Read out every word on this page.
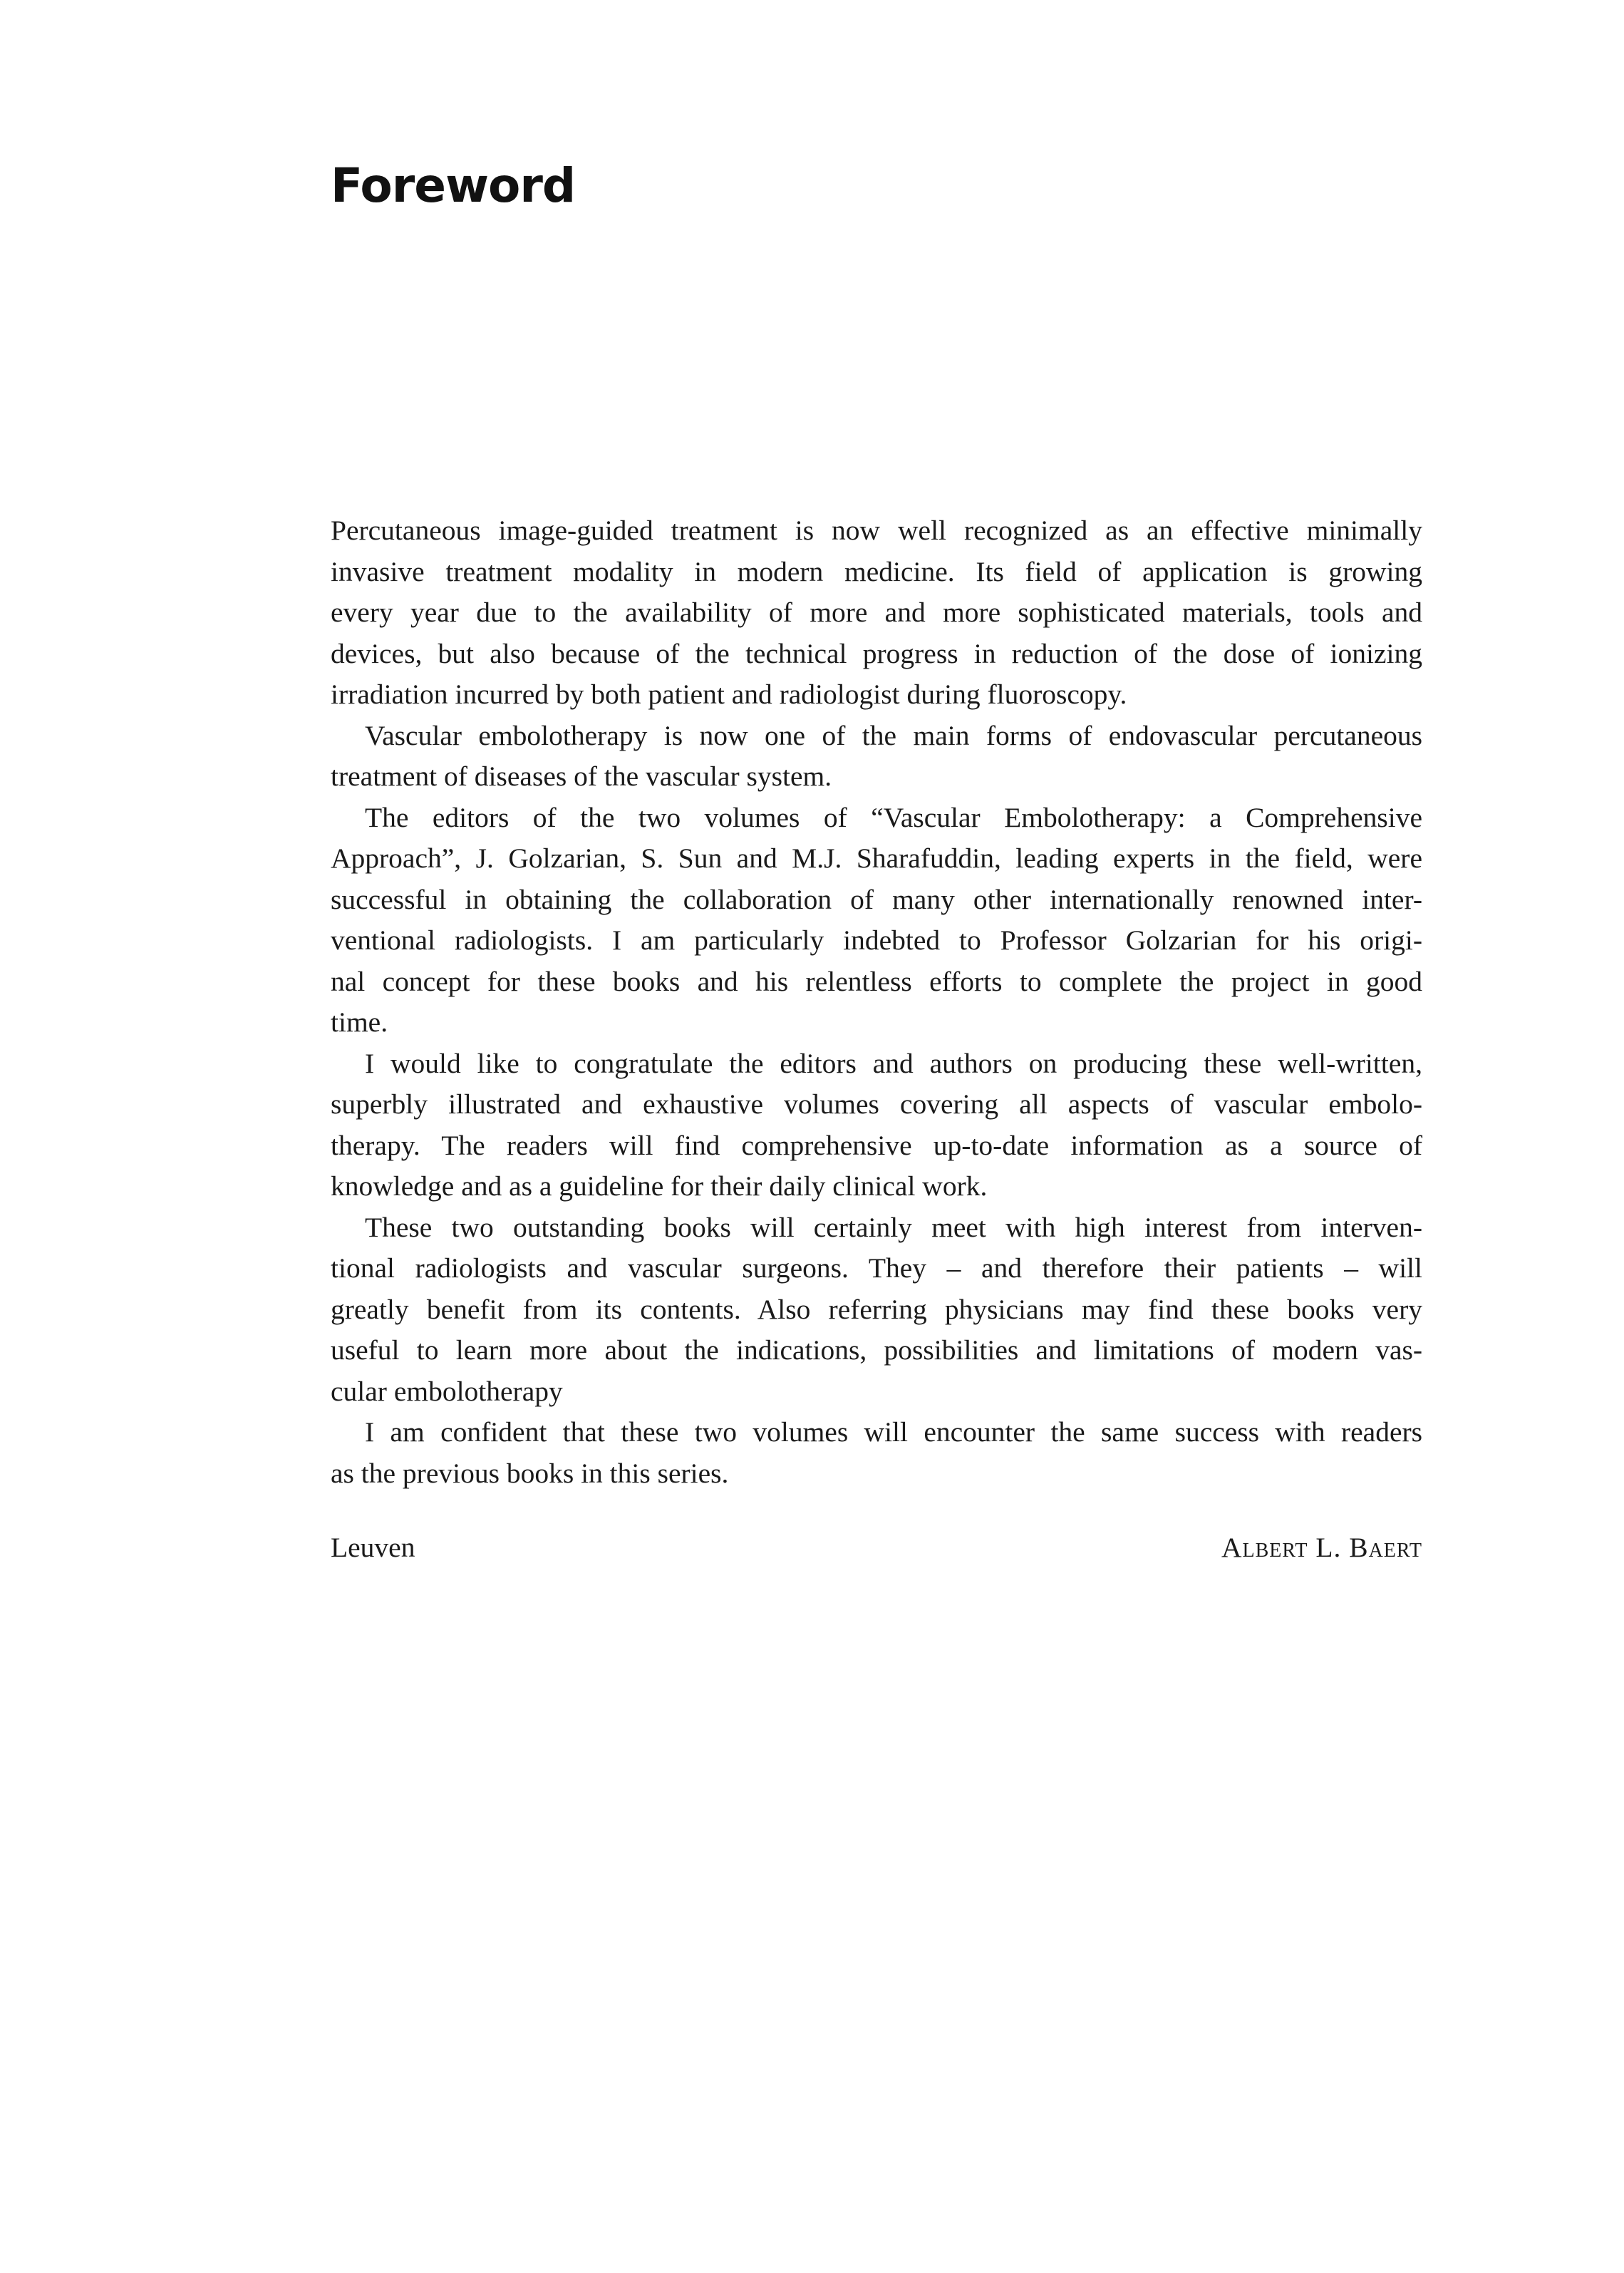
Foreword
Percutaneous image-guided treatment is now well recognized as an effective minimally
invasive treatment modality in modern medicine. Its field of application is growing
every year due to the availability of more and more sophisticated materials, tools and
devices, but also because of the technical progress in reduction of the dose of ionizing
irradiation incurred by both patient and radiologist during fluoroscopy.
Vascular embolotherapy is now one of the main forms of endovascular percutaneous
treatment of diseases of the vascular system.
The editors of the two volumes of “Vascular Embolotherapy: a Comprehensive
Approach”, J. Golzarian, S. Sun and M.J. Sharafuddin, leading experts in the field, were
successful in obtaining the collaboration of many other internationally renowned inter-
ventional radiologists. I am particularly indebted to Professor Golzarian for his origi-
nal concept for these books and his relentless efforts to complete the project in good
time.
I would like to congratulate the editors and authors on producing these well-written,
superbly illustrated and exhaustive volumes covering all aspects of vascular embolo-
therapy. The readers will find comprehensive up-to-date information as a source of
knowledge and as a guideline for their daily clinical work.
These two outstanding books will certainly meet with high interest from interven-
tional radiologists and vascular surgeons. They – and therefore their patients – will
greatly benefit from its contents. Also referring physicians may find these books very
useful to learn more about the indications, possibilities and limitations of modern vas-
cular embolotherapy
I am confident that these two volumes will encounter the same success with readers
as the previous books in this series.
Leuven	Albert L. Baert
